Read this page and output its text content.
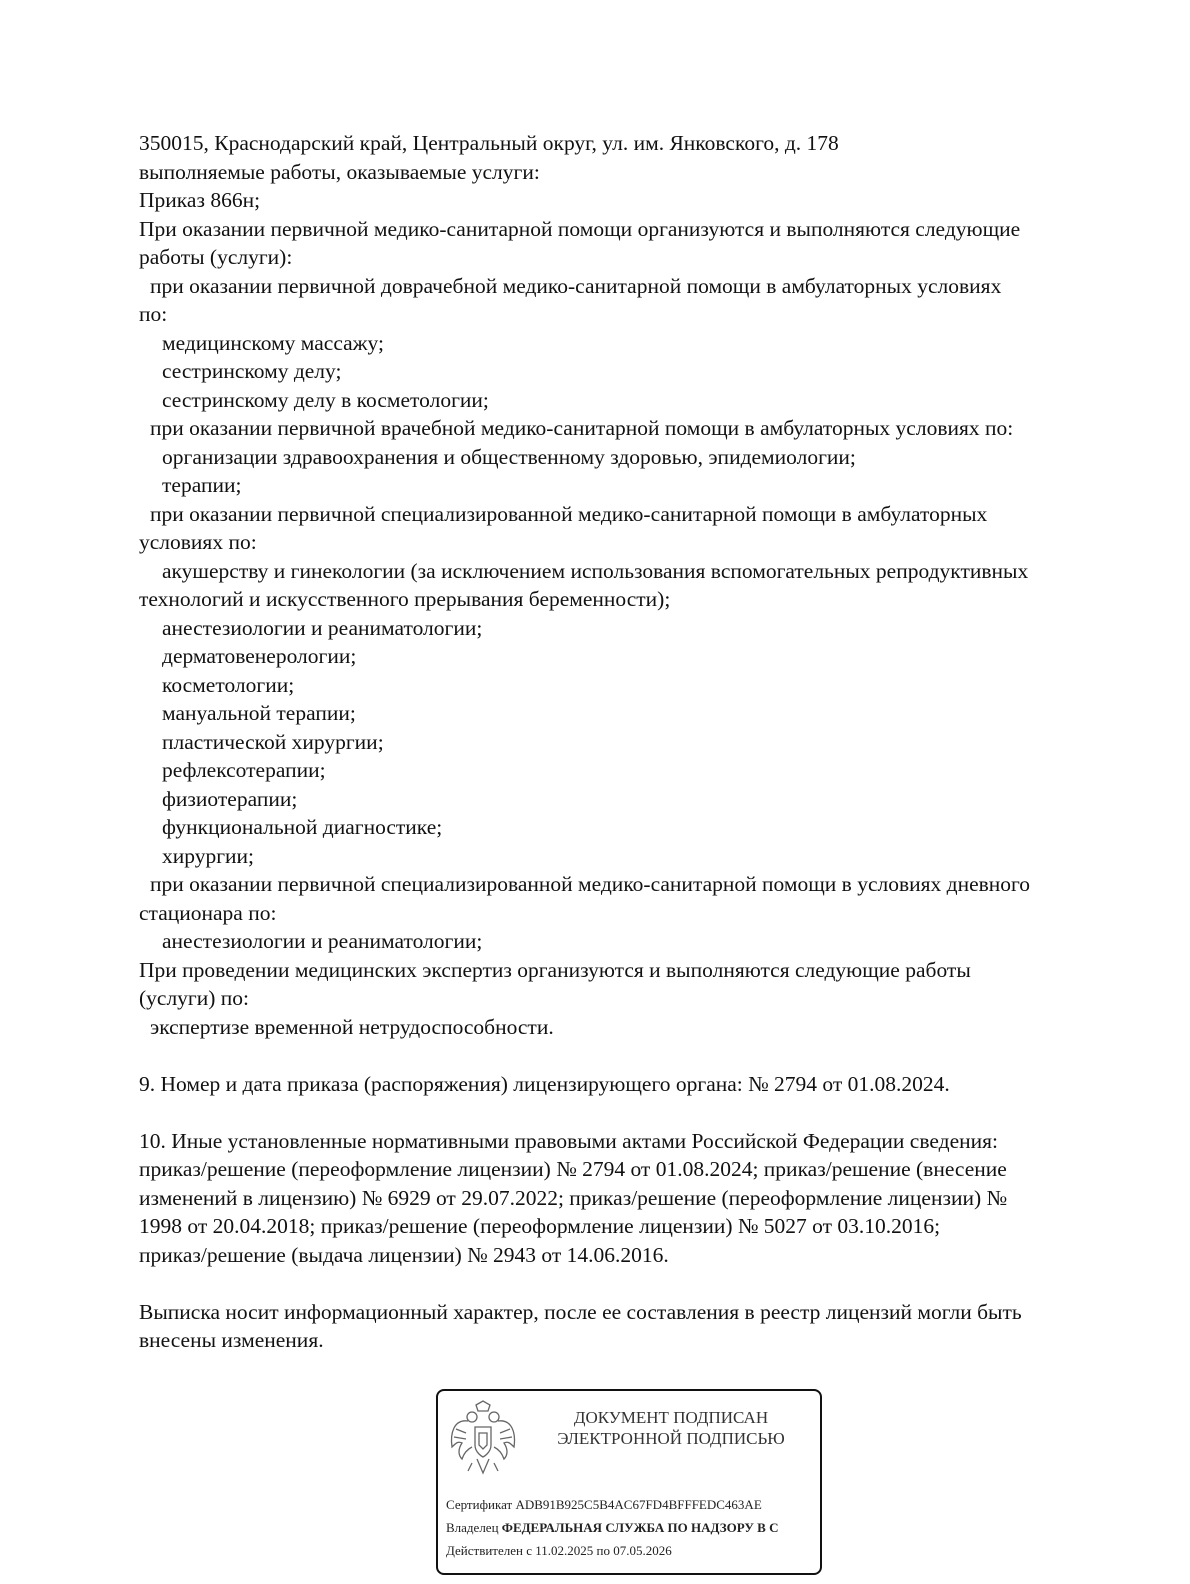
350015, Краснодарский край, Центральный округ, ул. им. Янковского, д. 178
выполняемые работы, оказываемые услуги:
Приказ 866н;
При оказании первичной медико-санитарной помощи организуются и выполняются следующие
работы (услуги):
при оказании первичной доврачебной медико-санитарной помощи в амбулаторных условиях
по:
медицинскому массажу;
сестринскому делу;
сестринскому делу в косметологии;
при оказании первичной врачебной медико-санитарной помощи в амбулаторных условиях по:
организации здравоохранения и общественному здоровью, эпидемиологии;
терапии;
при оказании первичной специализированной медико-санитарной помощи в амбулаторных
условиях по:
акушерству и гинекологии (за исключением использования вспомогательных репродуктивных
технологий и искусственного прерывания беременности);
анестезиологии и реаниматологии;
дерматовенерологии;
косметологии;
мануальной терапии;
пластической хирургии;
рефлексотерапии;
физиотерапии;
функциональной диагностике;
хирургии;
при оказании первичной специализированной медико-санитарной помощи в условиях дневного
стационара по:
анестезиологии и реаниматологии;
При проведении медицинских экспертиз организуются и выполняются следующие работы
(услуги) по:
экспертизе временной нетрудоспособности.
9. Номер и дата приказа (распоряжения) лицензирующего органа: № 2794 от 01.08.2024.
10. Иные установленные нормативными правовыми актами Российской Федерации сведения:
приказ/решение (переоформление лицензии) № 2794 от 01.08.2024; приказ/решение (внесение
изменений в лицензию) № 6929 от 29.07.2022; приказ/решение (переоформление лицензии) №
1998 от 20.04.2018; приказ/решение (переоформление лицензии) № 5027 от 03.10.2016;
приказ/решение (выдача лицензии) № 2943 от 14.06.2016.
Выписка носит информационный характер, после ее составления в реестр лицензий могли быть
внесены изменения.
ДОКУМЕНТ ПОДПИСАН
ЭЛЕКТРОННОЙ ПОДПИСЬЮ
Сертификат ADB91B925C5B4AC67FD4BFFFEDC463AE
Владелец ФЕДЕРАЛЬНАЯ СЛУЖБА ПО НАДЗОРУ В С
Действителен с 11.02.2025 по 07.05.2026
